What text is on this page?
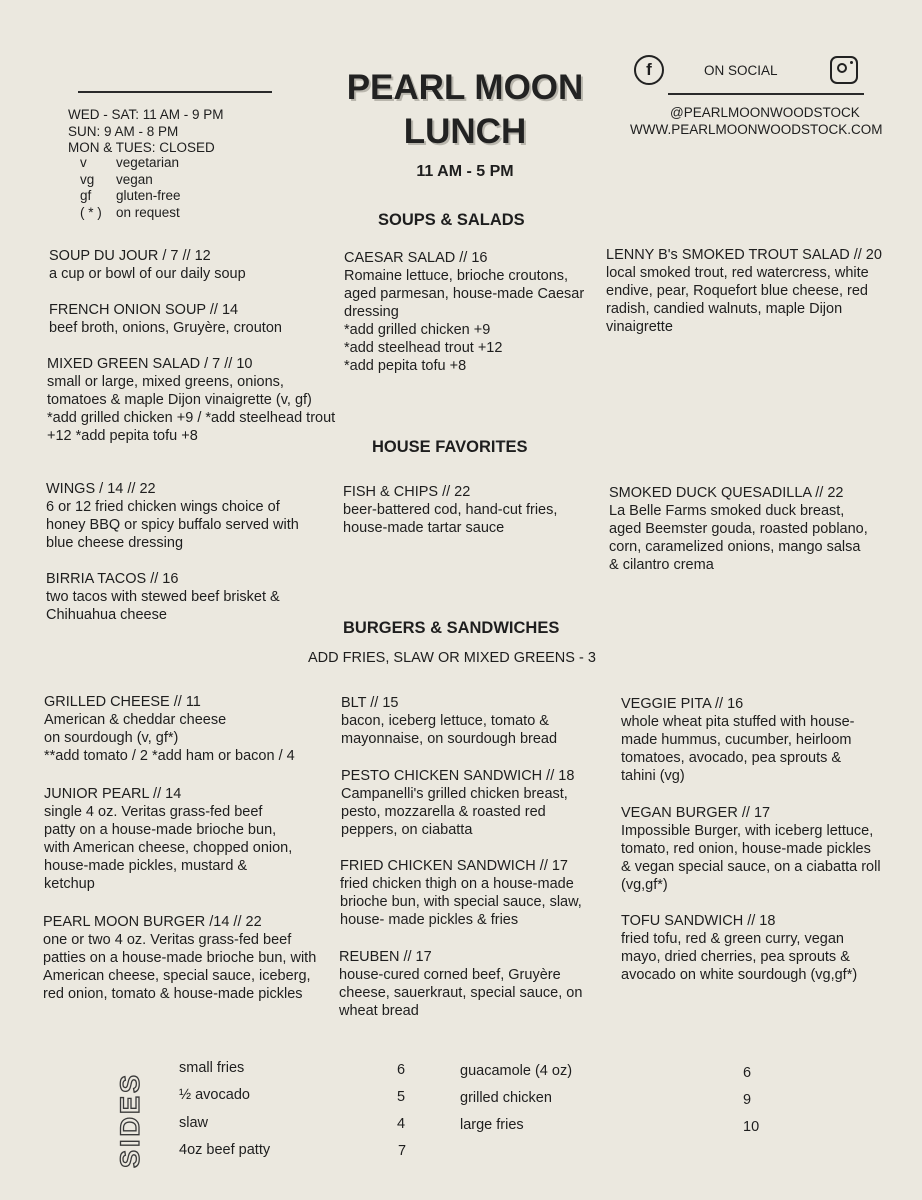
PEARL MOON
LUNCH
11 AM - 5 PM
WED - SAT: 11 AM - 9 PM
SUN: 9 AM - 8 PM
MON & TUES: CLOSED
v	vegetarian
vg	vegan
gf	gluten-free
( * )	on request
f	ON SOCIAL
@PEARLMOONWOODSTOCK
WWW.PEARLMOONWOODSTOCK.COM
SOUPS & SALADS
HOUSE FAVORITES
BURGERS & SANDWICHES
ADD FRIES, SLAW OR MIXED GREENS - 3
SOUP DU JOUR / 7 // 12
a cup or bowl of our daily soup
FRENCH ONION SOUP // 14
beef broth, onions, Gruyère, crouton
MIXED GREEN SALAD / 7 // 10
small or large, mixed greens, onions, tomatoes & maple Dijon vinaigrette (v, gf)
*add grilled chicken +9 / *add steelhead trout +12 *add pepita tofu +8
CAESAR SALAD // 16
Romaine lettuce, brioche croutons, aged parmesan, house-made Caesar dressing
*add grilled chicken +9
*add steelhead trout +12
*add pepita tofu +8
LENNY B's SMOKED TROUT SALAD // 20
local smoked trout, red watercress, white endive, pear, Roquefort blue cheese, red radish, candied walnuts, maple Dijon vinaigrette
WINGS / 14 // 22
6 or 12 fried chicken wings choice of honey BBQ or spicy buffalo served with blue cheese dressing
BIRRIA TACOS // 16
two tacos with stewed beef brisket & Chihuahua cheese
FISH & CHIPS // 22
beer-battered cod, hand-cut fries, house-made tartar sauce
SMOKED DUCK QUESADILLA // 22
La Belle Farms smoked duck breast, aged Beemster gouda, roasted poblano, corn, caramelized onions, mango salsa & cilantro crema
GRILLED CHEESE // 11
American & cheddar cheese on sourdough (v, gf*)
**add tomato / 2 *add ham or bacon / 4
JUNIOR PEARL // 14
single 4 oz. Veritas grass-fed beef patty on a house-made brioche bun, with American cheese, chopped onion, house-made pickles, mustard & ketchup
PEARL MOON BURGER /14 // 22
one or two 4 oz. Veritas grass-fed beef patties on a house-made brioche bun, with American cheese, special sauce, iceberg, red onion, tomato & house-made pickles
BLT // 15
bacon, iceberg lettuce, tomato & mayonnaise, on sourdough bread
PESTO CHICKEN SANDWICH // 18
Campanelli's grilled chicken breast, pesto, mozzarella & roasted red peppers, on ciabatta
FRIED CHICKEN SANDWICH // 17
fried chicken thigh on a house-made brioche bun, with special sauce, slaw, house- made pickles & fries
REUBEN // 17
house-cured corned beef, Gruyère cheese, sauerkraut, special sauce, on wheat bread
VEGGIE PITA // 16
whole wheat pita stuffed with house-made hummus, cucumber, heirloom tomatoes, avocado, pea sprouts & tahini (vg)
VEGAN BURGER // 17
Impossible Burger, with iceberg lettuce, tomato, red onion, house-made pickles & vegan special sauce, on a ciabatta roll (vg,gf*)
TOFU SANDWICH // 18
fried tofu, red & green curry, vegan mayo, dried cherries, pea sprouts & avocado on white sourdough (vg,gf*)
SIDES
small fries	6
½ avocado	5
slaw	4
4oz beef patty	7
guacamole (4 oz)	6
grilled chicken	9
large fries	10
